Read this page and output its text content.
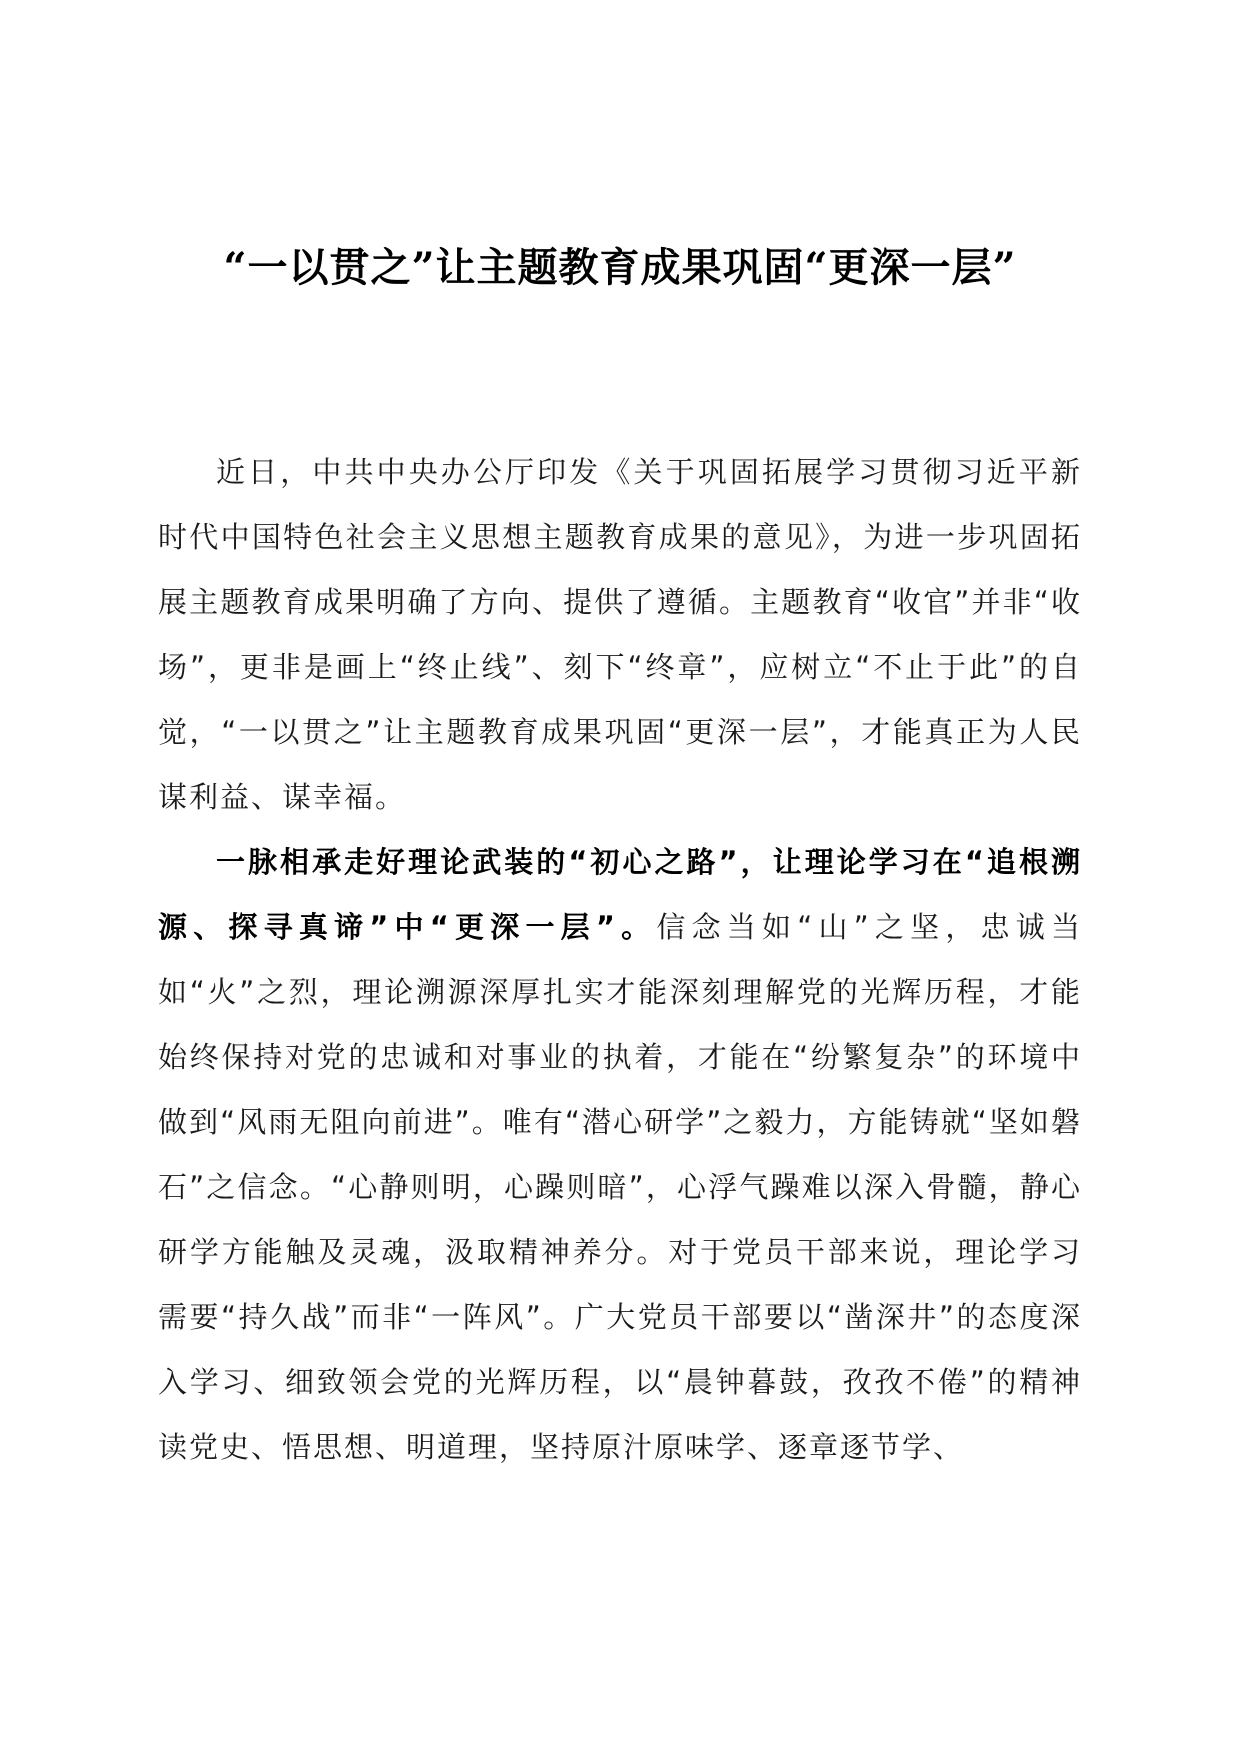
“一以贯之”让主题教育成果巩固“更深一层”

近日，中共中央办公厅印发《关于巩固拓展学习贯彻习近平新时代中国特色社会主义思想主题教育成果的意见》，为进一步巩固拓展主题教育成果明确了方向、提供了遵循。主题教育“收官”并非“收场”，更非是画上“终止线”、刻下“终章”，应树立“不止于此”的自觉，“一以贯之”让主题教育成果巩固“更深一层”，才能真正为人民谋利益、谋幸福。

一脉相承走好理论武装的“初心之路”，让理论学习在“追根溯源、探寻真谛”中“更深一层”。信念当如“山”之坚，忠诚当如“火”之烈，理论溯源深厚扎实才能深刻理解党的光辉历程，才能始终保持对党的忠诚和对事业的执着，才能在“纷繁复杂”的环境中做到“风雨无阻向前进”。唯有“潜心研学”之毅力，方能铸就“坚如磐石”之信念。“心静则明，心躁则暗”，心浮气躁难以深入骨髓，静心研学方能触及灵魂，汲取精神养分。对于党员干部来说，理论学习需要“持久战”而非“一阵风”。广大党员干部要以“凿深井”的态度深入学习、细致领会党的光辉历程，以“晨钟暮鼓，孜孜不倦”的精神读党史、悟思想、明道理，坚持原汁原味学、逐章逐节学、
